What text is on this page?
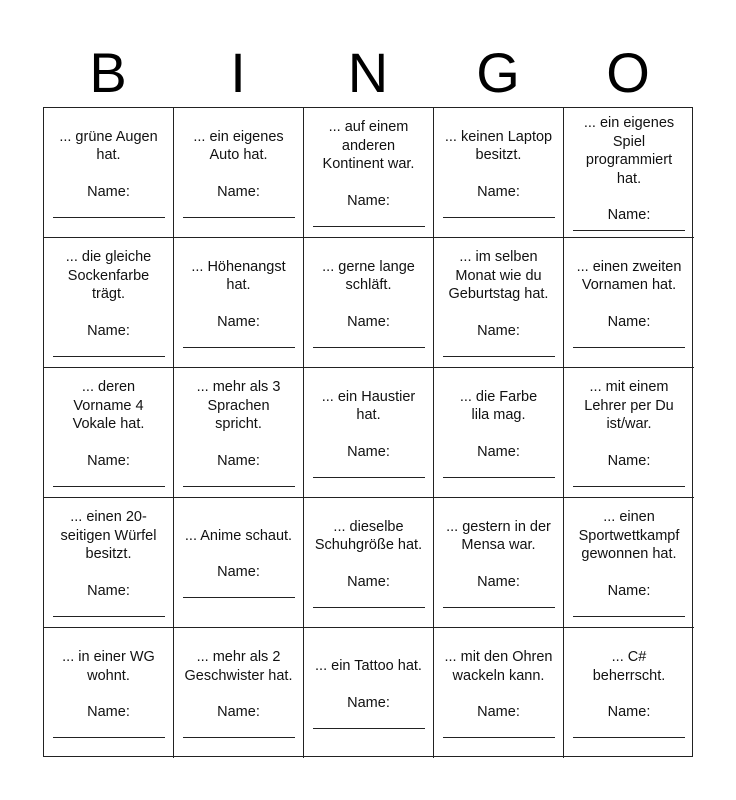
B	I	N	G	O
... grüne Augen
hat.
Name:
... ein eigenes
Auto hat.
Name:
... auf einem
anderen
Kontinent war.
Name:
... keinen Laptop
besitzt.
Name:
... ein eigenes
Spiel
programmiert hat.
Name:
... die gleiche
Sockenfarbe
trägt.
Name:
... Höhenangst
hat.
Name:
... gerne lange
schläft.
Name:
... im selben
Monat wie du
Geburtstag hat.
Name:
... einen zweiten
Vornamen hat.
Name:
... deren
Vorname 4
Vokale hat.
Name:
... mehr als 3
Sprachen
spricht.
Name:
... ein Haustier
hat.
Name:
... die Farbe
lila mag.
Name:
... mit einem
Lehrer per Du
ist/war.
Name:
... einen 20-
seitigen Würfel
besitzt.
Name:
... Anime schaut.
Name:
... dieselbe
Schuhgröße hat.
Name:
... gestern in der
Mensa war.
Name:
... einen
Sportwettkampf
gewonnen hat.
Name:
... in einer WG
wohnt.
Name:
... mehr als 2
Geschwister hat.
Name:
... ein Tattoo hat.
Name:
... mit den Ohren
wackeln kann.
Name:
... C#
beherrscht.
Name:
